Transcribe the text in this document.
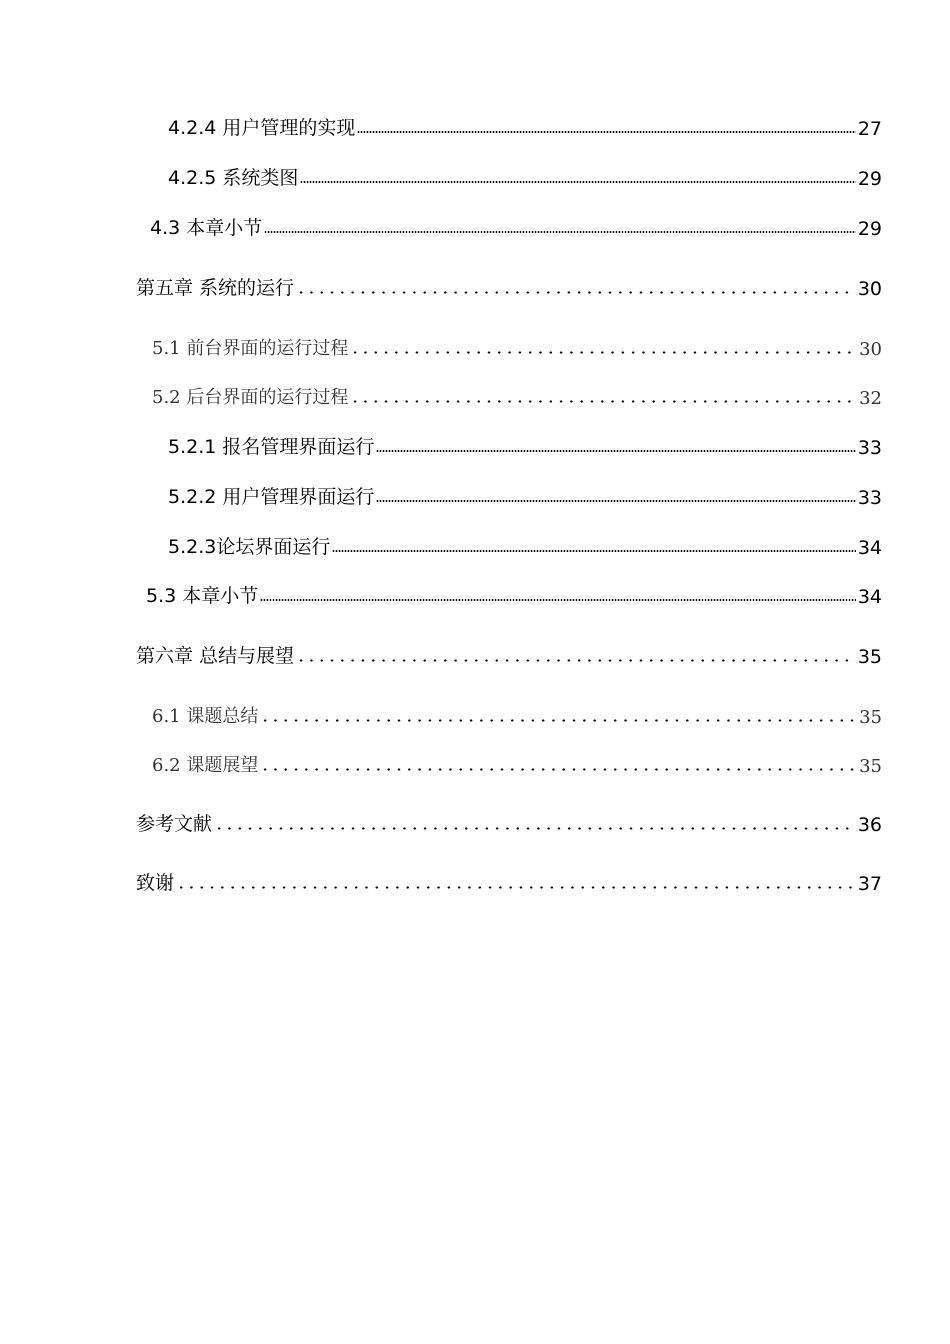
4.2.4 用户管理的实现	27
4.2.5 系统类图	29
4.3 本章小节	29
第五章 系统的运行	30
5.1 前台界面的运行过程	30
5.2 后台界面的运行过程	32
5.2.1 报名管理界面运行	33
5.2.2 用户管理界面运行	33
5.2.3论坛界面运行	34
5.3 本章小节	34
第六章 总结与展望	35
6.1 课题总结	35
6.2 课题展望	35
参考文献	36
致谢	37
